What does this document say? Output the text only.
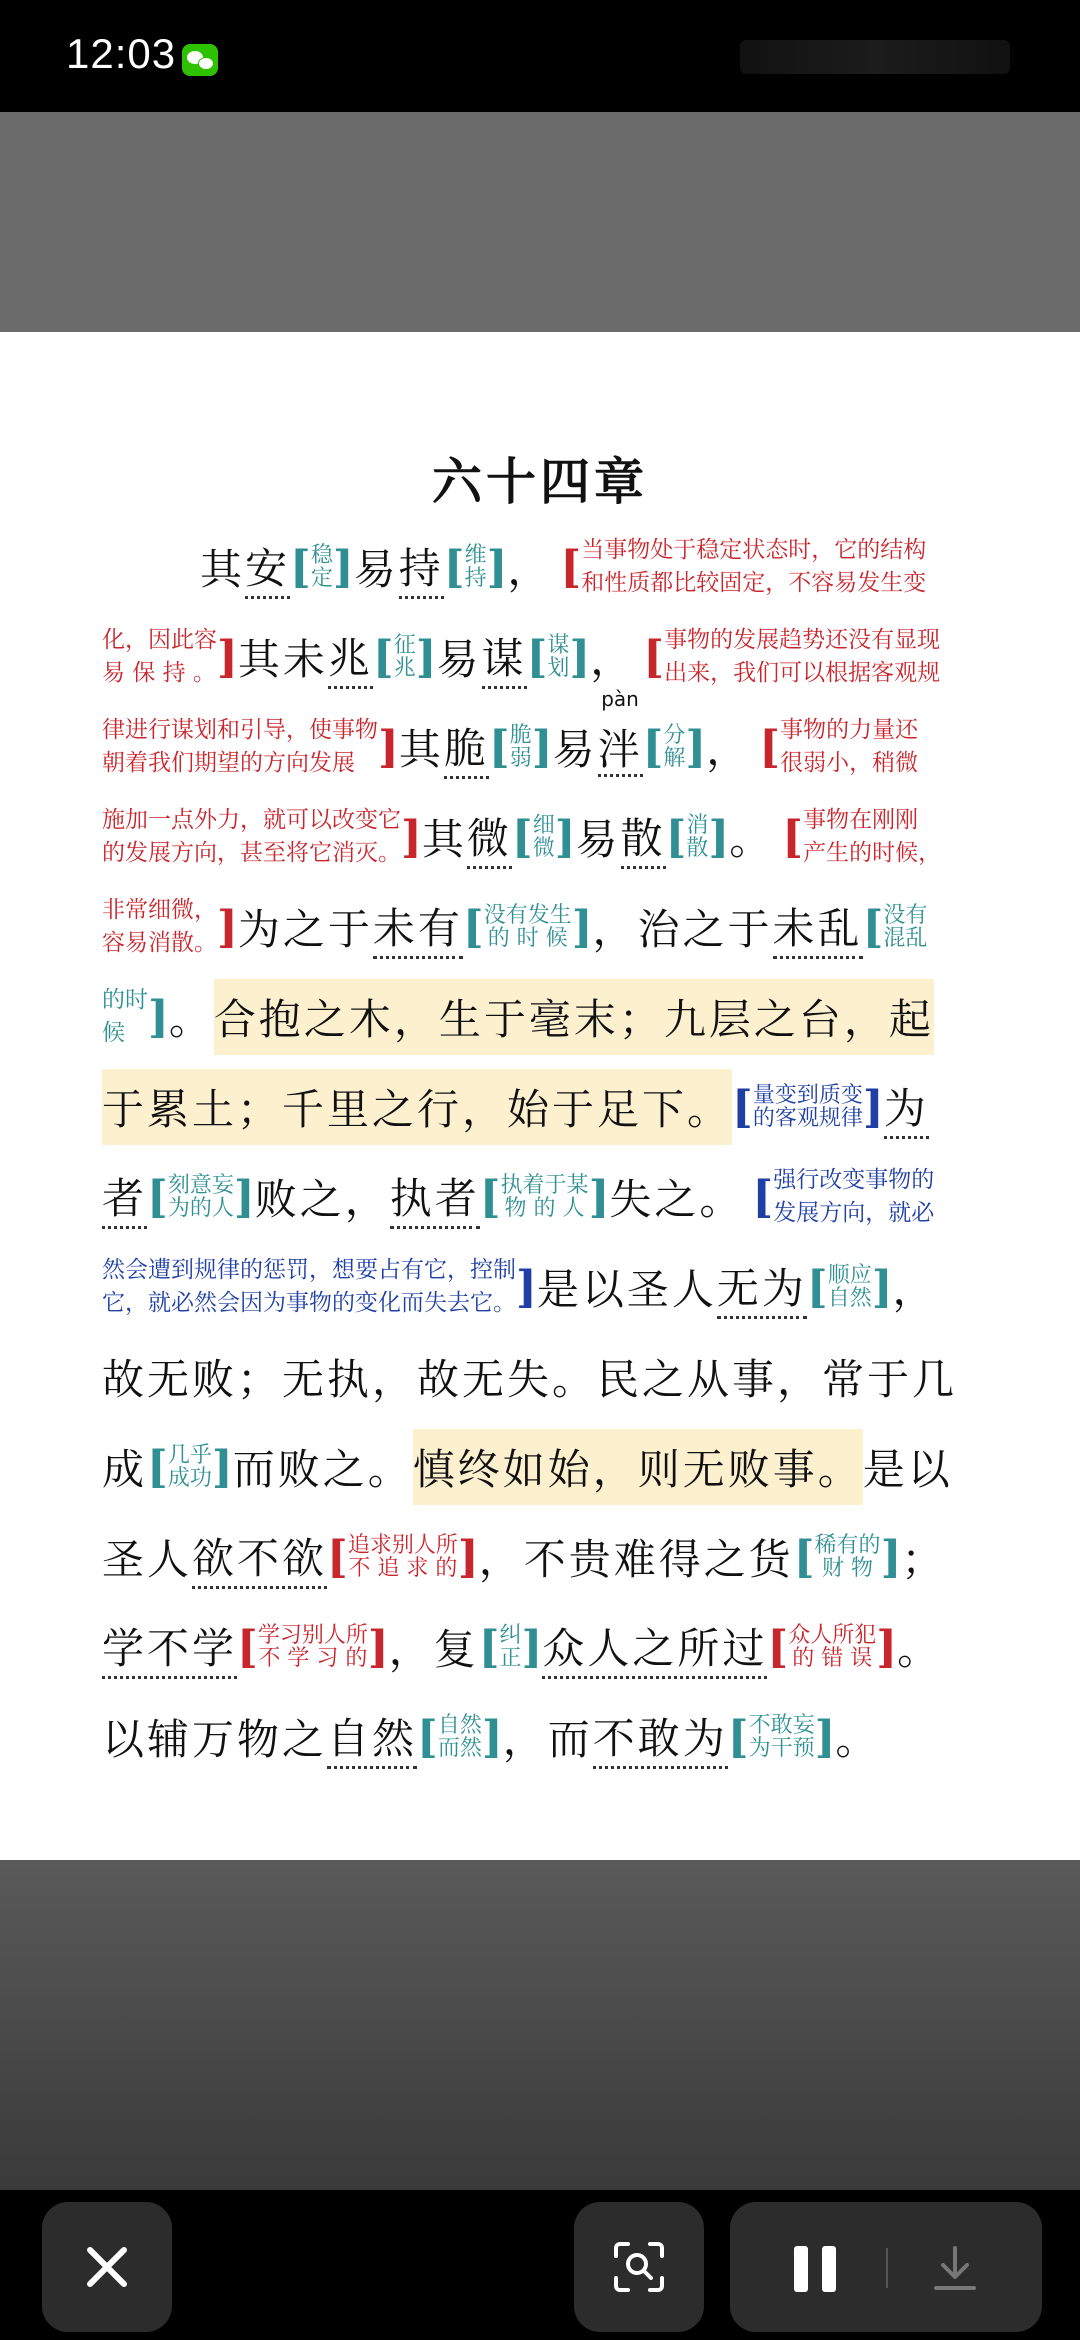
12:03
六十四章
其 安 [ 稳
定 ] 易 持 [ 维
持 ] ， [ 当事物处于稳定状态时，它的结构
和性质都比较固定，不容易发生变
化，因此容
易 保 持 。 ] 其未 兆 [ 征
兆 ] 易 谋 [ 谋
划 ] ， [ 事物的发展趋势还没有显现
出来，我们可以根据客观规
律进行谋划和引导，使事物
朝着我们期望的方向发展 ] 其 脆 [ 脆
弱 ] 易
pàn
泮 [ 分
解 ] ， [ 事物的力量还
很弱小，稍微
施加一点外力，就可以改变它
的发展方向，甚至将它消灭。 ] 其 微 [ 细
微 ] 易 散 [ 消
散 ] 。 [ 事物在刚刚
产生的时候，
非常细微，
容易消散。 ] 为之于 未有 [ 没有发生
的 时 候 ] ，治之于 未乱 [ 没有
混乱
的时
候 ] 。 合抱之木，生于毫末；九层之台，起
于累土；千里之行，始于足下。 [ 量变到质变
的客观规律 ] 为
者 [ 刻意妄
为的人 ] 败之， 执者 [ 执着于某
物 的 人 ] 失之。 [ 强行改变事物的
发展方向，就必
然会遭到规律的惩罚，想要占有它，控制
它，就必然会因为事物的变化而失去它。 ] 是以圣人 无为 [ 顺应
自然 ] ，
故无败；无执，故无失。民之从事，常于几
成 [ 几乎
成功 ] 而败之。 慎终如始，则无败事。 是以
圣人 欲不欲 [ 追求别人所
不 追 求 的 ] ，不贵难得之货 [ 稀有的
财 物 ] ；
学不学 [ 学习别人所
不 学 习 的 ] ，复 [ 纠
正 ] 众人之所过 [ 众人所犯
的 错 误 ] 。
以辅万物之 自然 [ 自然
而然 ] ，而 不敢为 [ 不敢妄
为干预 ] 。
